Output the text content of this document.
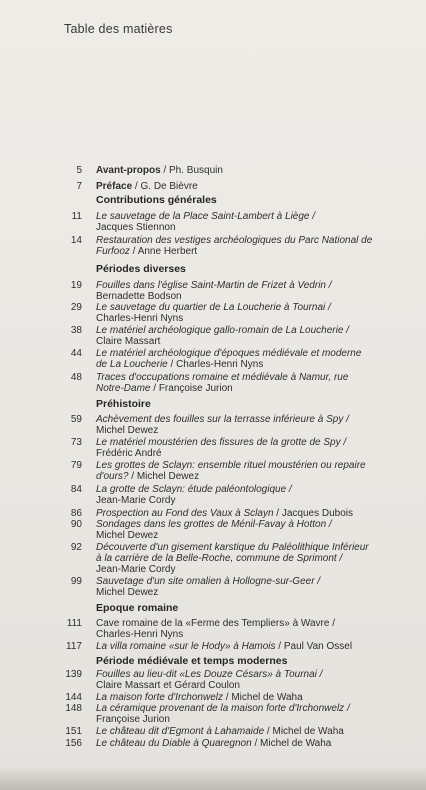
Table des matières
5 Avant-propos / Ph. Busquin
7 Préface / G. De Bièvre
Contributions générales
11 Le sauvetage de la Place Saint-Lambert à Liège /
Jacques Stiennon
14 Restauration des vestiges archéologiques du Parc National de
Furfooz / Anne Herbert
Périodes diverses
19 Fouilles dans l'église Saint-Martin de Frizet à Vedrin /
Bernadette Bodson
29 Le sauvetage du quartier de La Loucherie à Tournai /
Charles-Henri Nyns
38 Le matériel archéologique gallo-romain de La Loucherie /
Claire Massart
44 Le matériel archéologique d'époques médiévale et moderne
de La Loucherie / Charles-Henri Nyns
48 Traces d'occupations romaine et médiévale à Namur, rue
Notre-Dame / Françoise Jurion
Préhistoire
59 Achèvement des fouilles sur la terrasse inférieure à Spy /
Michel Dewez
73 Le matériel moustérien des fissures de la grotte de Spy /
Frédéric André
79 Les grottes de Sclayn: ensemble rituel moustérien ou repaire
d'ours? / Michel Dewez
84 La grotte de Sclayn: étude paléontologique /
Jean-Marie Cordy
86 Prospection au Fond des Vaux à Sclayn / Jacques Dubois
90 Sondages dans les grottes de Ménil-Favay à Hotton /
Michel Dewez
92 Découverte d'un gisement karstique du Paléolithique Inférieur
à la carrière de la Belle-Roche, commune de Sprimont /
Jean-Marie Cordy
99 Sauvetage d'un site omalien à Hollogne-sur-Geer /
Michel Dewez
Epoque romaine
111 Cave romaine de la «Ferme des Templiers» à Wavre /
Charles-Henri Nyns
117 La villa romaine «sur le Hody» à Hamois / Paul Van Ossel
Période médiévale et temps modernes
139 Fouilles au lieu-dit «Les Douze Césars» à Tournai /
Claire Massart et Gérard Coulon
144 La maison forte d'Irchonwelz / Michel de Waha
148 La céramique provenant de la maison forte d'Irchonwelz /
Françoise Jurion
151 Le château dit d'Egmont à Lahamaide / Michel de Waha
156 Le château du Diable à Quaregnon / Michel de Waha
